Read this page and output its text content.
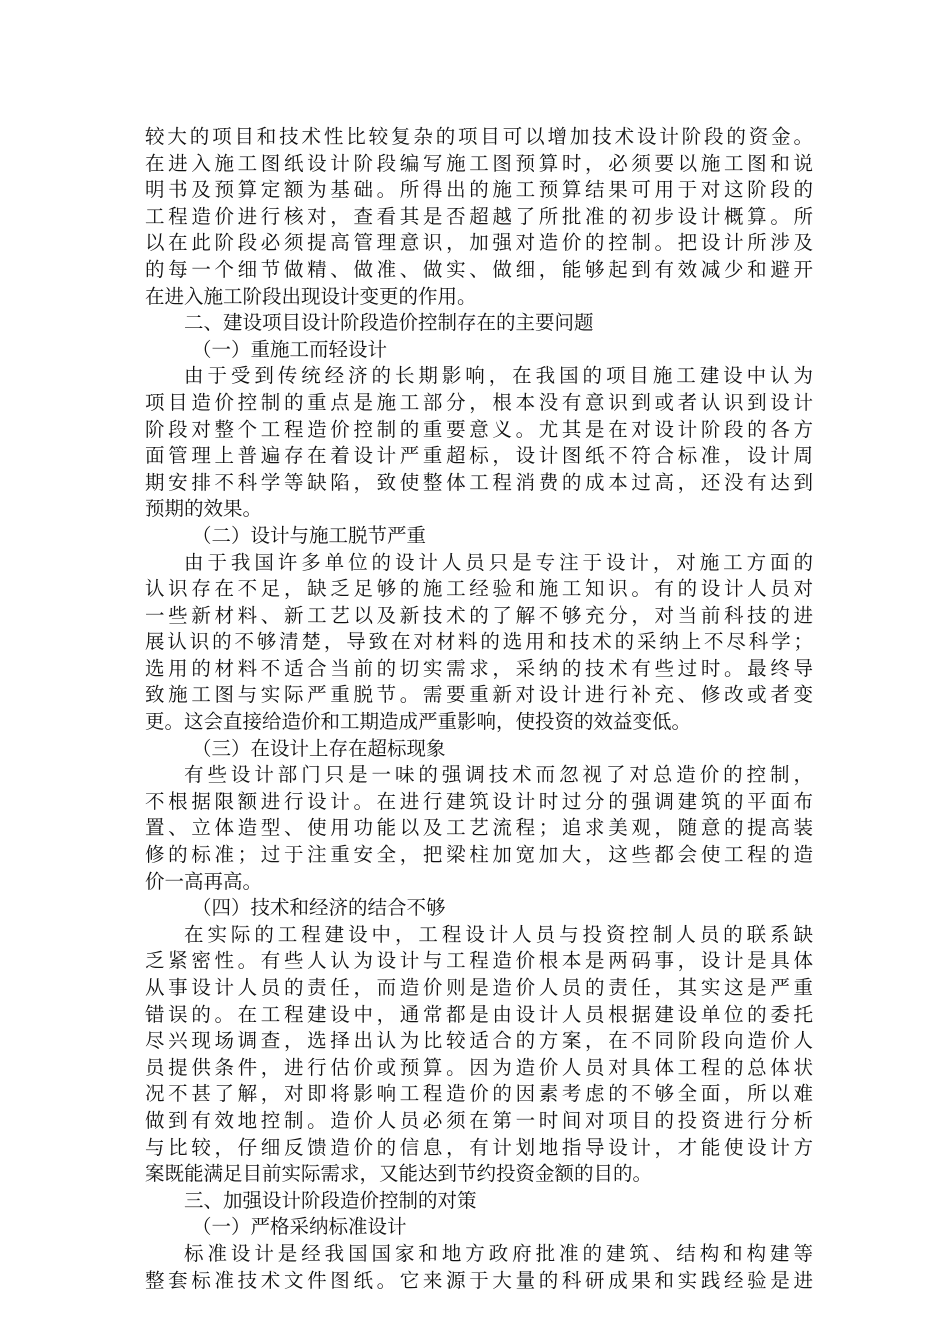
较大的项目和技术性比较复杂的项目可以增加技术设计阶段的资金。
在进入施工图纸设计阶段编写施工图预算时，必须要以施工图和说
明书及预算定额为基础。所得出的施工预算结果可用于对这阶段的
工程造价进行核对，查看其是否超越了所批准的初步设计概算。所
以在此阶段必须提高管理意识，加强对造价的控制。把设计所涉及
的每一个细节做精、做准、做实、做细，能够起到有效减少和避开
在进入施工阶段出现设计变更的作用。
二、建设项目设计阶段造价控制存在的主要问题
（一）重施工而轻设计
由于受到传统经济的长期影响，在我国的项目施工建设中认为
项目造价控制的重点是施工部分，根本没有意识到或者认识到设计
阶段对整个工程造价控制的重要意义。尤其是在对设计阶段的各方
面管理上普遍存在着设计严重超标，设计图纸不符合标准，设计周
期安排不科学等缺陷，致使整体工程消费的成本过高，还没有达到
预期的效果。
（二）设计与施工脱节严重
由于我国许多单位的设计人员只是专注于设计，对施工方面的
认识存在不足，缺乏足够的施工经验和施工知识。有的设计人员对
一些新材料、新工艺以及新技术的了解不够充分，对当前科技的进
展认识的不够清楚，导致在对材料的选用和技术的采纳上不尽科学；
选用的材料不适合当前的切实需求，采纳的技术有些过时。最终导
致施工图与实际严重脱节。需要重新对设计进行补充、修改或者变
更。这会直接给造价和工期造成严重影响，使投资的效益变低。
（三）在设计上存在超标现象
有些设计部门只是一味的强调技术而忽视了对总造价的控制，
不根据限额进行设计。在进行建筑设计时过分的强调建筑的平面布
置、立体造型、使用功能以及工艺流程；追求美观，随意的提高装
修的标准；过于注重安全，把梁柱加宽加大，这些都会使工程的造
价一高再高。
（四）技术和经济的结合不够
在实际的工程建设中，工程设计人员与投资控制人员的联系缺
乏紧密性。有些人认为设计与工程造价根本是两码事，设计是具体
从事设计人员的责任，而造价则是造价人员的责任，其实这是严重
错误的。在工程建设中，通常都是由设计人员根据建设单位的委托
尽兴现场调查，选择出认为比较适合的方案，在不同阶段向造价人
员提供条件，进行估价或预算。因为造价人员对具体工程的总体状
况不甚了解，对即将影响工程造价的因素考虑的不够全面，所以难
做到有效地控制。造价人员必须在第一时间对项目的投资进行分析
与比较，仔细反馈造价的信息，有计划地指导设计，才能使设计方
案既能满足目前实际需求，又能达到节约投资金额的目的。
三、加强设计阶段造价控制的对策
（一）严格采纳标准设计
标准设计是经我国国家和地方政府批准的建筑、结构和构建等
整套标准技术文件图纸。它来源于大量的科研成果和实践经验是进
